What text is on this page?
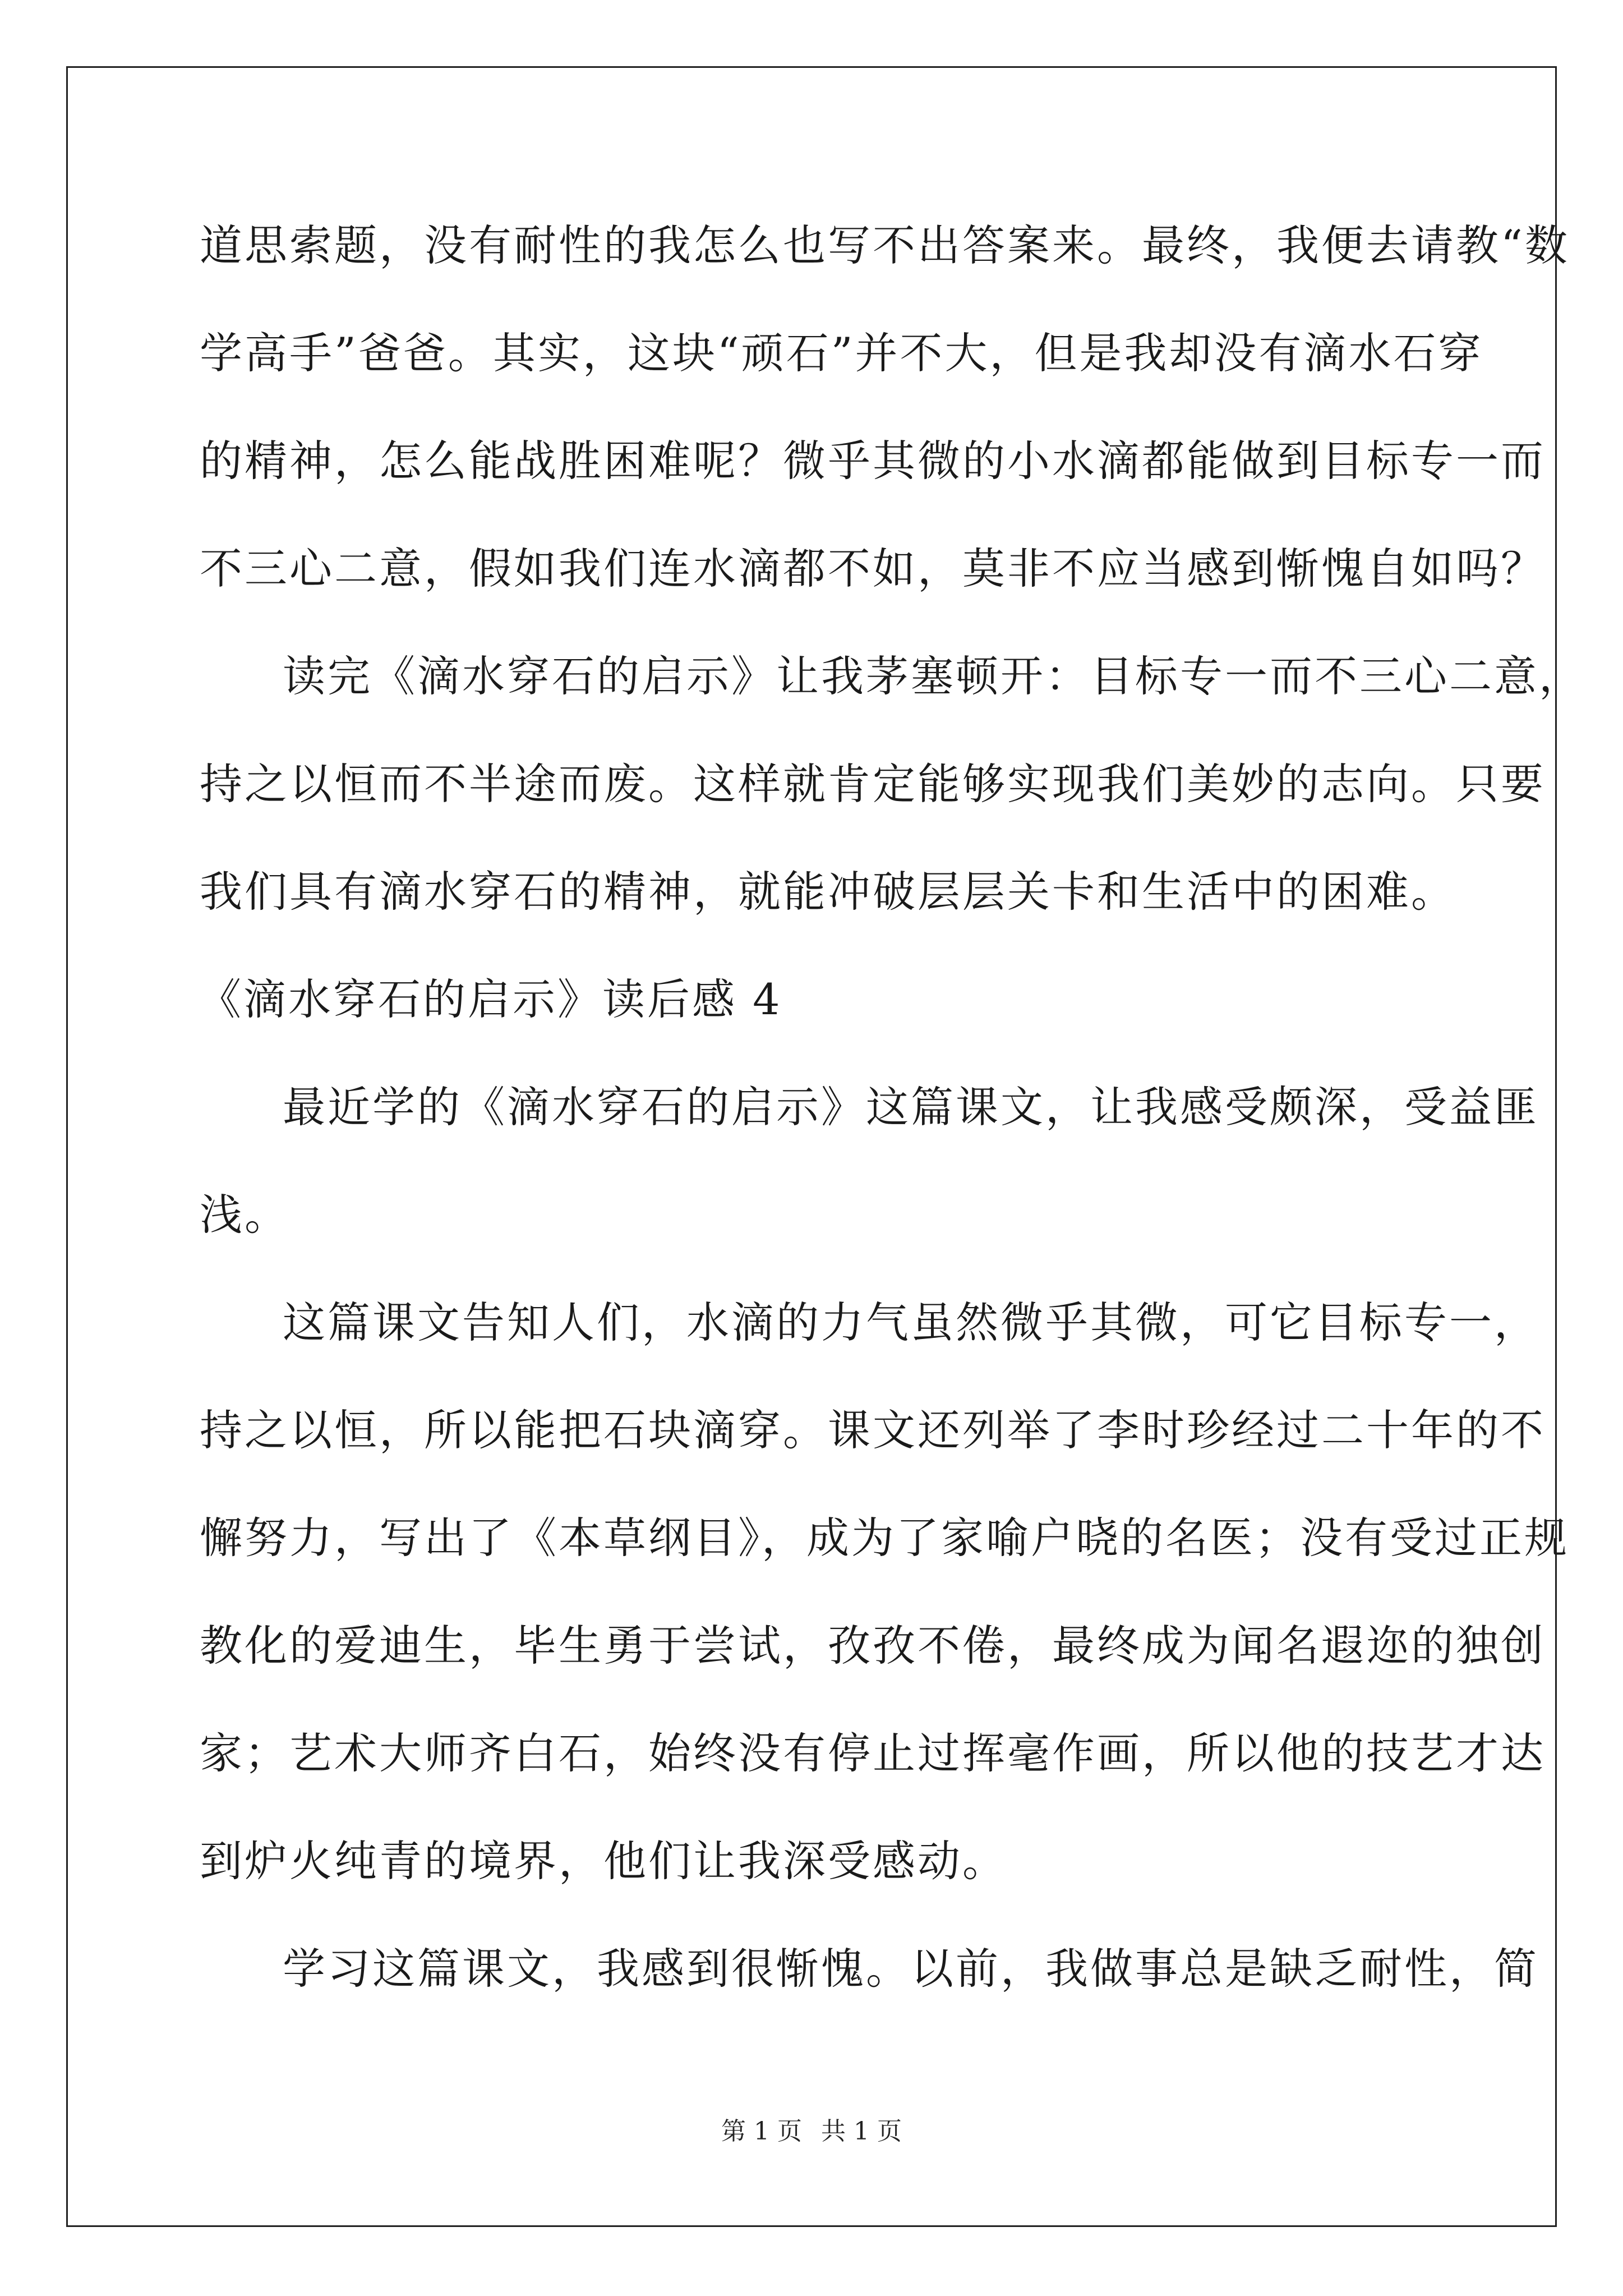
道思索题，没有耐性的我怎么也写不出答案来。最终，我便去请教“数
学高手”爸爸。其实，这块“顽石”并不大，但是我却没有滴水石穿
的精神，怎么能战胜困难呢？微乎其微的小水滴都能做到目标专一而
不三心二意，假如我们连水滴都不如，莫非不应当感到惭愧自如吗？
读完《滴水穿石的启示》让我茅塞顿开：目标专一而不三心二意，
持之以恒而不半途而废。这样就肯定能够实现我们美妙的志向。只要
我们具有滴水穿石的精神，就能冲破层层关卡和生活中的困难。
《滴水穿石的启示》读后感 4
最近学的《滴水穿石的启示》这篇课文，让我感受颇深，受益匪
浅。
这篇课文告知人们，水滴的力气虽然微乎其微，可它目标专一，
持之以恒，所以能把石块滴穿。课文还列举了李时珍经过二十年的不
懈努力，写出了《本草纲目》，成为了家喻户晓的名医；没有受过正规
教化的爱迪生，毕生勇于尝试，孜孜不倦，最终成为闻名遐迩的独创
家；艺术大师齐白石，始终没有停止过挥毫作画，所以他的技艺才达
到炉火纯青的境界，他们让我深受感动。
学习这篇课文，我感到很惭愧。以前，我做事总是缺乏耐性，简
第 1 页 共 1 页
